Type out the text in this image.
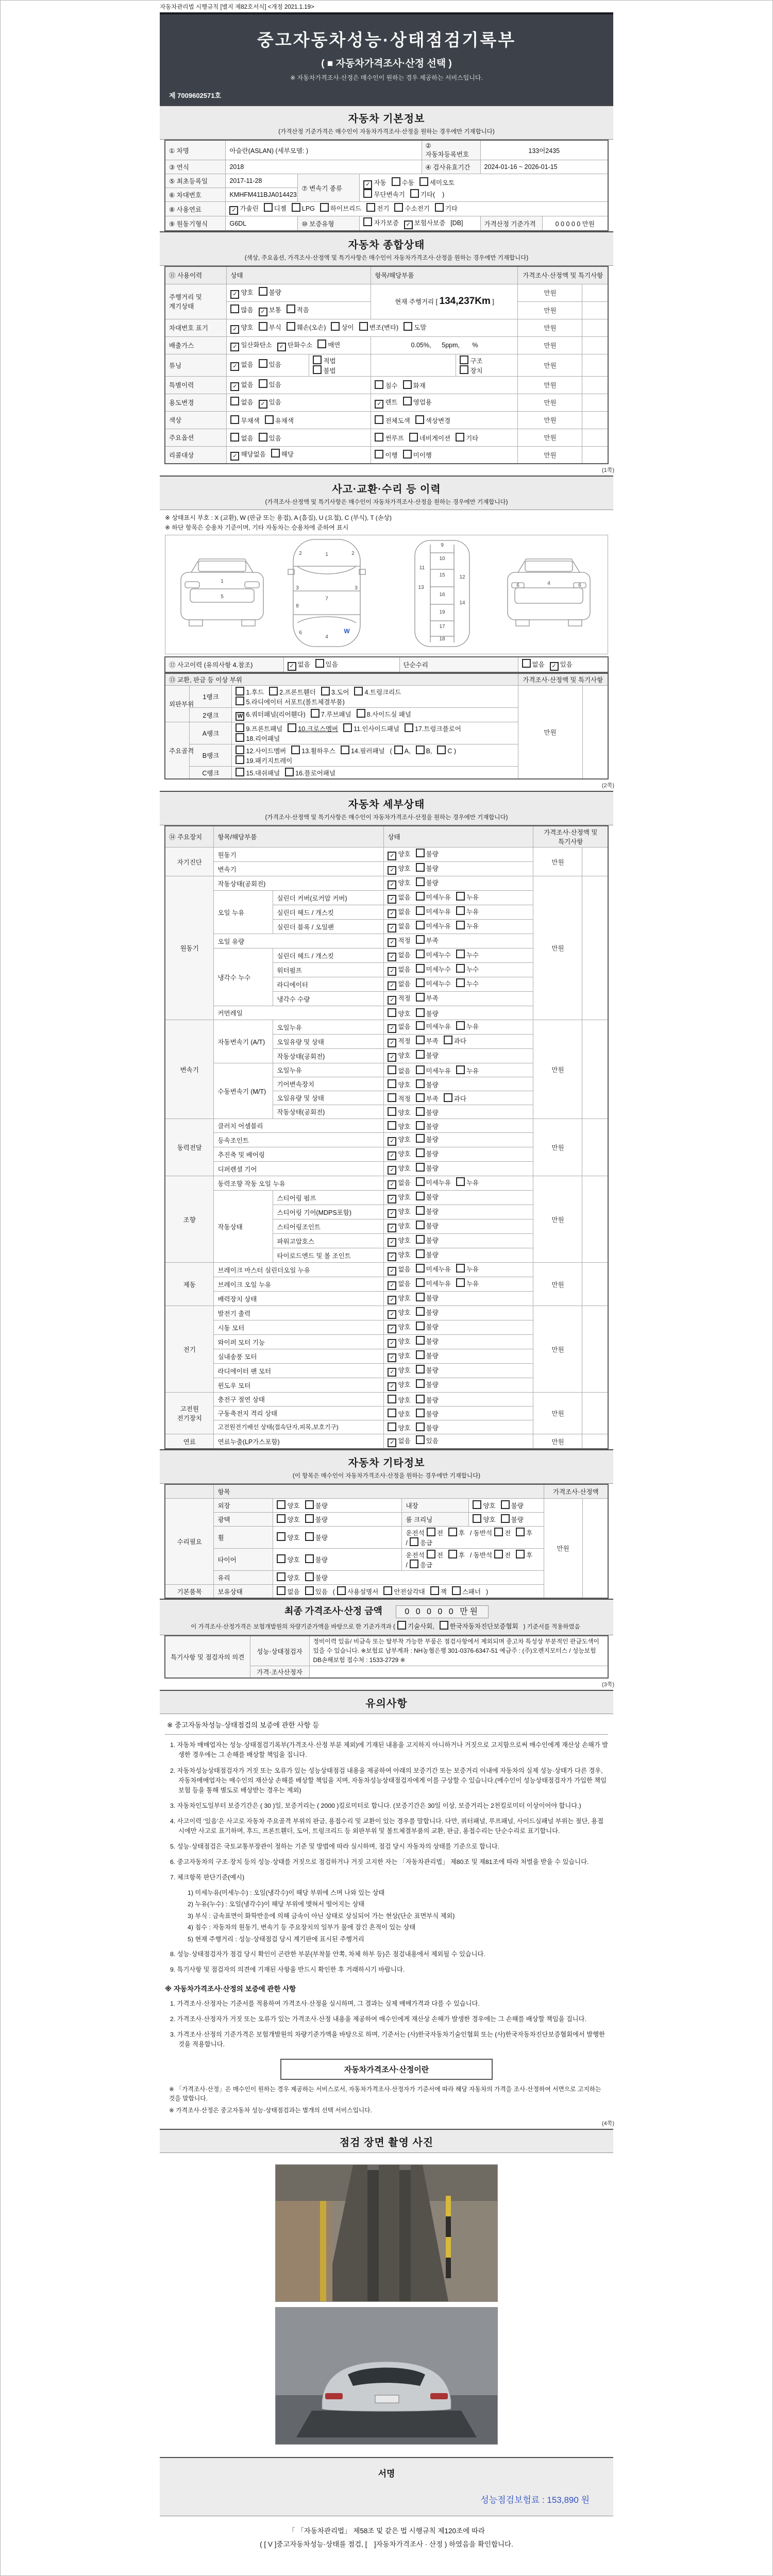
자동차관리법 시행규칙 [별지 제82호서식] <개정 2021.1.19>
중고자동차성능·상태점검기록부
( ■ 자동차가격조사·산정 선택 )
※ 자동차가격조사·산정은 매수인이 원하는 경우 제공하는 서비스입니다.
제 7009602571호
자동차 기본정보
(가격산정 기준가격은 매수인이 자동차가격조사·산정을 원하는 경우에만 기재합니다)
① 차명	아슬란(ASLAN) (세부모델: )			② 자동차등록번호	133어2435	
③ 연식	2018			④ 검사유효기간	2024-01-16 ~ 2026-01-15	
⑤ 최초등록일	2017-11-28	⑦ 변속기 종류	✓ 자동 수동 세미오토
무단변속기 기타(    )			
⑥ 차대번호	KMHFM411BJA014423					
⑧ 사용연료	✓ 가솔린 디젤 LPG 하이브리드 전기 수소전기 기타					
⑨ 원동기형식	G6DL	⑩ 보증유형	자가보증 ✓ 보험사보증 [DB]		가격산정 기준가격	0 0 0 0 0 만원
자동차 종합상태
(색상, 주요옵션, 가격조사·산정액 및 특기사항은 매수인이 자동차가격조사·산정을 원하는 경우에만 기재합니다)
⑪ 사용이력	상태		항목/해당부품		가격조사·산정액 및 특기사항	
주행거리 및 계기상태	✓ 양호 불량		현재 주행거리 [ 134,237Km ]		만원	
	많음 ✓ 보통 적음				만원	
차대번호 표기	✓ 양호 부식 훼손(오손) 상이 변조(변타) 도말				만원	
배출가스	✓ 일산화탄소 ✓ 탄화수소 매연		0.05%,      5ppm,       %		만원	
튜닝	✓ 없음 있음	적법불법		구조장치	만원	
특별이력	✓ 없음 있음		침수 화재		만원	
용도변경	없음 ✓ 있음		✓ 렌트 영업용		만원	
색상	무채색 유채색		전체도색 색상변경		만원	
주요옵션	없음 있음		썬루프 네비게이션 기타		만원	
리콜대상	✓ 해당없음 해당		이행 미이행		만원	
(1쪽)
사고·교환·수리 등 이력
(가격조사·산정액 및 특기사항은 매수인이 자동차가격조사·산정을 원하는 경우에만 기재합니다)
※ 상태표시 부호 : X (교환), W (판금 또는 용접), A (흠집), U (요철), C (부식), T (손상)
※ 하단 항목은 승용차 기준이며, 기타 자동차는 승용차에 준하여 표시
1
5
1
2	2
3	3
7
8
6
4
9
10
11
12
13
15
14
16
19
17
18
4
6	6
W
⑫ 사고이력 (유의사항 4.참조)	✓ 없음 있음	단순수리	없음 ✓ 있음
⑬ 교환, 판금 등 이상 부위			가격조사·산정액 및 특기사항	
외판부위	1랭크	1.후드 2.프론트휀더 3.도어 4.트렁크리드
5.라디에이터 서포트(볼트체결부품)	만원	
	2랭크	W 6.쿼터패널(리어휀다) 7.루브패널 8.사이드실 패널		
주요골격	A랭크	9.프론트패널 10.크로스멤버 11.인사이드패널 17.트렁크플로어
18.리어패널		
	B랭크	12.사이드멤버 13.휠하우스 14.필러패널 ( A, B, C )
19.패키지트레이		
	C랭크	15.대쉬패널 16.플로어패널		
(2쪽)
자동차 세부상태
(가격조사·산정액 및 특기사항은 매수인이 자동차가격조사·산정을 원하는 경우에만 기재합니다)
⑭ 주요장치	항목/해당부품		상태	가격조사·산정액 및 특기사항	
자기진단	원동기		✓ 양호 불량	만원	
	변속기		✓ 양호 불량		
원동기	작동상태(공회전)		✓ 양호 불량	만원	
	오일 누유	실린더 커버(로커암 커버)	✓ 없음 미세누유 누유		
		실린더 헤드 / 개스킷	✓ 없음 미세누유 누유		
		실린더 블록 / 오일팬	✓ 없음 미세누유 누유		
	오일 유량		✓ 적정 부족		
	냉각수 누수	실린더 헤드 / 개스킷	✓ 없음 미세누수 누수		
		워터펌프	✓ 없음 미세누수 누수		
		라디에이터	✓ 없음 미세누수 누수		
		냉각수 수량	✓ 적정 부족		
	커먼레일		양호 불량		
변속기	자동변속기 (A/T)	오일누유	✓ 없음 미세누유 누유	만원	
		오일유량 및 상태	✓ 적정 부족 과다		
		작동상태(공회전)	✓ 양호 불량		
	수동변속기 (M/T)	오일누유	없음 미세누유 누유		
		기어변속장치	양호 불량		
		오일유량 및 상태	적정 부족 과다		
		작동상태(공회전)	양호 불량		
동력전달	클러치 어셈블리		양호 불량	만원	
	등속조인트		✓ 양호 불량		
	추진축 및 베어링		✓ 양호 불량		
	디퍼렌셜 기어		✓ 양호 불량		
조향	동력조향 작동 오일 누유		✓ 없음 미세누유 누유	만원	
	작동상태	스티어링 펌프	✓ 양호 불량		
		스티어링 기어(MDPS포함)	✓ 양호 불량		
		스티어링조인트	✓ 양호 불량		
		파워고압호스	✓ 양호 불량		
		타이로드엔드 및 볼 조인트	✓ 양호 불량		
제동	브레이크 마스터 실린더오일 누유		✓ 없음 미세누유 누유	만원	
	브레이크 오일 누유		✓ 없음 미세누유 누유		
	배력장치 상태		✓ 양호 불량		
전기	발전기 출력		✓ 양호 불량	만원	
	시동 모터		✓ 양호 불량		
	와이퍼 모터 기능		✓ 양호 불량		
	실내송풍 모터		✓ 양호 불량		
	라디에이터 팬 모터		✓ 양호 불량		
	윈도우 모터		✓ 양호 불량		
고전원 전기장치	충전구 절연 상태		양호 불량	만원	
	구동축전지 격리 상태		양호 불량		
	고전원전기배선 상태(접속단자,피복,보호기구)		양호 불량		
연료	연료누출(LP가스포함)		✓ 없음 있음	만원	
자동차 기타정보
(이 항목은 매수인이 자동차가격조사·산정을 원하는 경우에만 기재합니다)
	항목				가격조사·산정액	
수리필요	외장	양호 불량	내장	양호 불량	만원	
	광택	양호 불량	룸 크리닝	양호 불량		
	휠	양호 불량	운전석 전 후 / 동반석 전 후/ 응급			
	타이어	양호 불량	운전석 전 후 / 동반석 전 후/ 응급			
	유리	양호 불량				
기본품목	보유상태	없음 있음 ( 사용설명서 안전삼각대 잭 스패너 )				
최종 가격조사·산정 금액	0 0 0 0 0 만원
이 가격조사·산정가격은 보험개발원의 차량기준가액을 바탕으로 한 기준가격과 ( 기술사회, 한국자동차진단보증협회 ) 기준서를 적용하였음
특기사항 및 점검자의 의견	성능·상태점검자	정비이력 있음/ 비금속 또는 탈부착 가능한 부품은 점검사항에서 제외되며 중고차 특성상 부분적인 판금도색이 있을 수 있습니다. ※보험료 납부계좌 : NH농협은행 301-0376-6347-51 예금주 : (주)오렌지모터스 / 성능보험 DB손해보험 접수처 : 1533-2729 ※
	가격·조사산정자	
(3쪽)
유의사항
※ 중고자동차성능·상태점검의 보증에 관한 사항 등
1. 자동차 매매업자는 성능·상태점검기록부(가격조사·산정 부분 제외)에 기재된 내용을 고지하지 아니하거나 거짓으로 고지함으로써 매수인에게 재산상 손해가 발생한 경우에는 그 손해를 배상할 책임을 집니다.
2. 자동차성능상태점검자가 거짓 또는 오류가 있는 성능상태점검 내용을 제공하여 아래의 보증기간 또는 보증거리 이내에 자동차의 실제 성능·상태가 다른 경우, 자동차매매업자는 매수인의 재산상 손해를 배상할 책임을 지며, 자동차성능상태점검자에게 이를 구상할 수 있습니다.(매수인이 성능상태점검자가 가입한 책임보험 등을 통해 별도로 배상받는 경우는 제외)
3. 자동차인도일부터 보증기간은 ( 30 )일, 보증거리는 ( 2000 )킬로미터로 합니다. (보증기간은 30일 이상, 보증거리는 2천킬로미터 이상이어야 합니다.)
4. 사고이력 ‘있음’은 사고로 자동차 주요골격 부위의 판금, 용접수리 및 교환이 있는 경우를 말합니다. 다만, 쿼터패널, 루프패널, 사이드실패널 부위는 절단, 용접 시에만 사고로 표기하며, 후드, 프론트휀더, 도어, 트렁크리드 등 외판부위 및 볼트체결부품의 교환, 판금, 용접수리는 단순수리로 표기합니다.
5. 성능·상태점검은 국토교통부장관이 정하는 기준 및 방법에 따라 실시하며, 점검 당시 자동차의 상태를 기준으로 합니다.
6. 중고자동차의 구조·장치 등의 성능·상태를 거짓으로 점검하거나 거짓 고지한 자는 「자동차관리법」 제80조 및 제81조에 따라 처벌을 받을 수 있습니다.
7. 체크항목 판단기준(예시)
1) 미세누유(미세누수) : 오일(냉각수)이 해당 부위에 스며 나와 있는 상태
2) 누유(누수) : 오일(냉각수)이 해당 부위에 맺혀서 떨어지는 상태
3) 부식 : 금속표면이 화학반응에 의해 금속이 아닌 상태로 상실되어 가는 현상(단순 표면부식 제외)
4) 침수 : 자동차의 원동기, 변속기 등 주요장치의 일부가 물에 잠긴 흔적이 있는 상태
5) 현재 주행거리 : 성능·상태점검 당시 계기판에 표시된 주행거리
8. 성능·상태점검자가 점검 당시 확인이 곤란한 부분(부착물 안쪽, 차체 하부 등)은 점검내용에서 제외될 수 있습니다.
9. 특기사항 및 점검자의 의견에 기재된 사항을 반드시 확인한 후 거래하시기 바랍니다.
※ 자동차가격조사·산정의 보증에 관한 사항
1. 가격조사·산정자는 기준서를 적용하여 가격조사·산정을 실시하며, 그 결과는 실제 매매가격과 다를 수 있습니다.
2. 가격조사·산정자가 거짓 또는 오류가 있는 가격조사·산정 내용을 제공하여 매수인에게 재산상 손해가 발생한 경우에는 그 손해를 배상할 책임을 집니다.
3. 가격조사·산정의 기준가격은 보험개발원의 차량기준가액을 바탕으로 하며, 기준서는 (사)한국자동차기술인협회 또는 (사)한국자동차진단보증협회에서 발행한 것을 적용합니다.
자동차가격조사·산정이란
※ 「가격조사·산정」은 매수인이 원하는 경우 제공하는 서비스로서, 자동차가격조사·산정자가 기준서에 따라 해당 자동차의 가격을 조사·산정하여 서면으로 고지하는 것을 말합니다.
※ 가격조사·산정은 중고자동차 성능·상태점검과는 별개의 선택 서비스입니다.
(4쪽)
점검 장면 촬영 사진
서명
성능점검보험료 : 153,890 원
「 「자동차관리법」 제58조 및 같은 법 시행규칙 제120조에 따라
( [ V ]중고자동차성능·상태를 점검, [　]자동차가격조사 · 산정 ) 하였음을 확인합니다.
